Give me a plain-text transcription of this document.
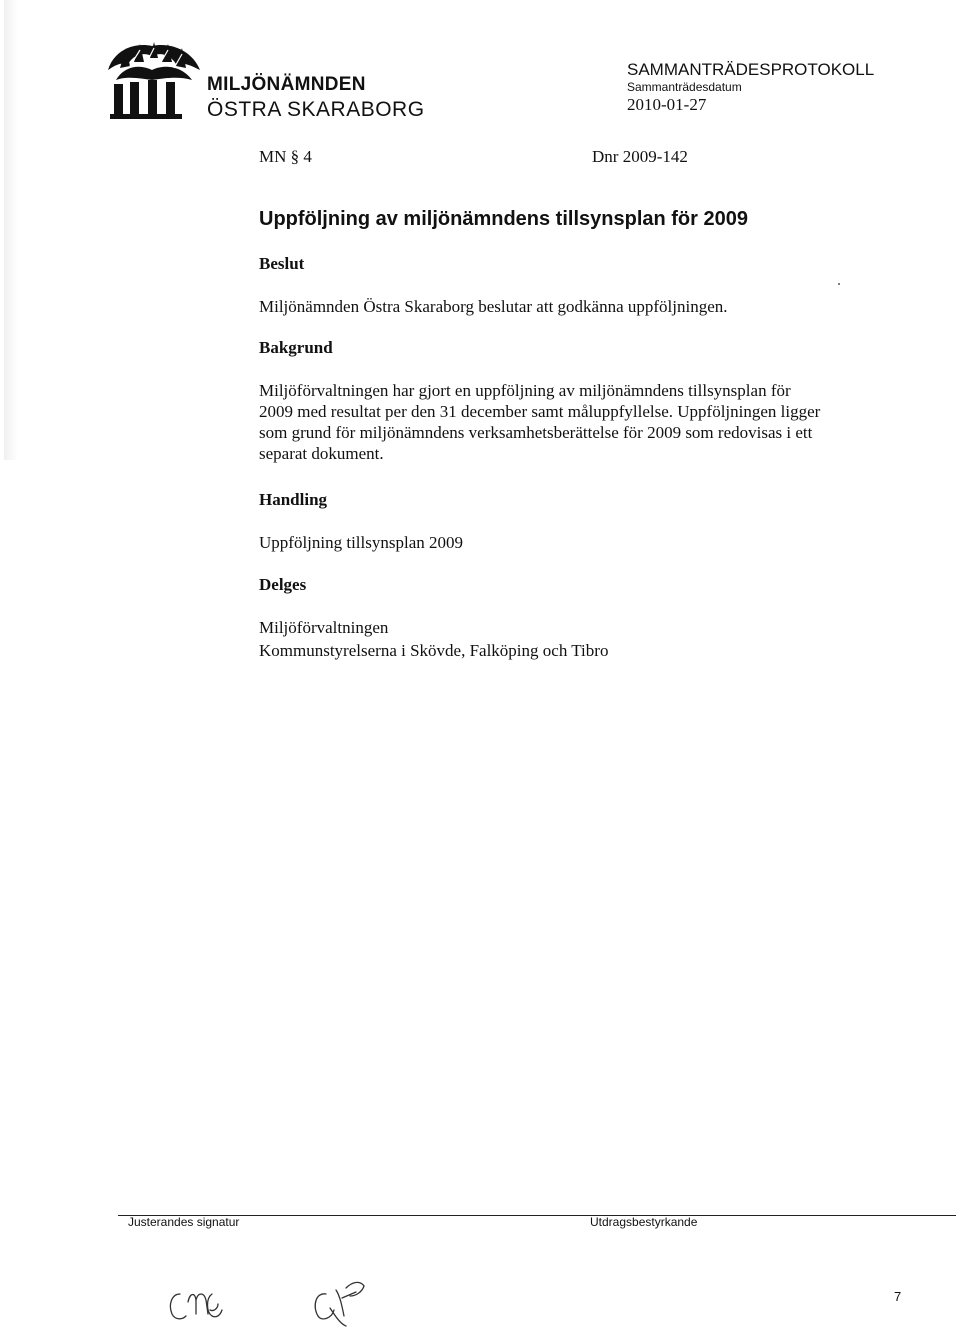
MILJÖNÄMNDEN
ÖSTRA SKARABORG
SAMMANTRÄDESPROTOKOLL
Sammanträdesdatum
2010-01-27
MN § 4	Dnr 2009-142
Uppföljning av miljönämndens tillsynsplan för 2009
Beslut
Miljönämnden Östra Skaraborg beslutar att godkänna uppföljningen.
Bakgrund
Miljöförvaltningen har gjort en uppföljning av miljönämndens tillsynsplan för
2009 med resultat per den 31 december samt måluppfyllelse. Uppföljningen ligger
som grund för miljönämndens verksamhetsberättelse för 2009 som redovisas i ett
separat dokument.
Handling
Uppföljning tillsynsplan 2009
Delges
Miljöförvaltningen
Kommunstyrelserna i Skövde, Falköping och Tibro
Justerandes signatur	Utdragsbestyrkande
7
